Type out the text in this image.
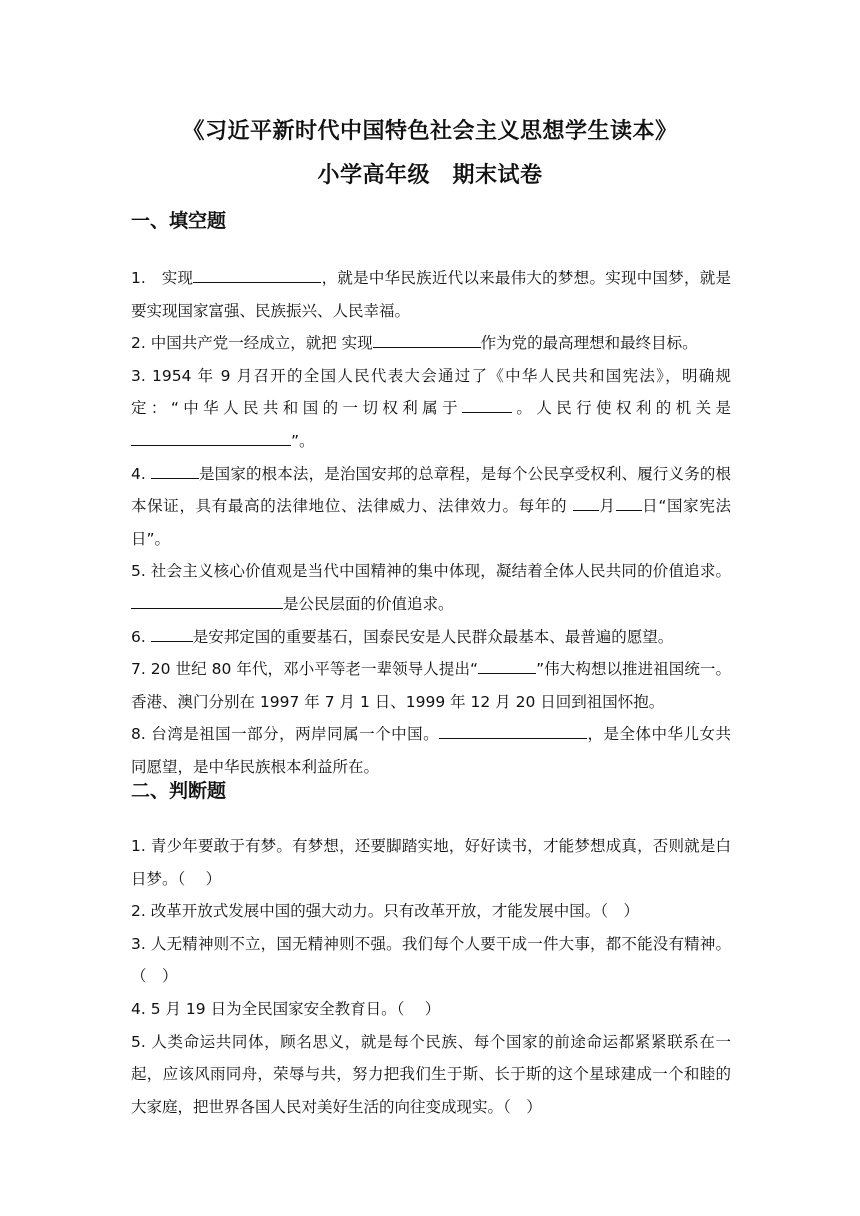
《习近平新时代中国特色社会主义思想学生读本》
小学高年级　期末试卷
一、填空题

1.　实现	，就是中华民族近代以来最伟大的梦想。实现中国梦，就是要实现国家富强、民族振兴、人民幸福。

2. 中国共产党一经成立，就把 实现	作为党的最高理想和最终目标。

3. 1954 年 9 月召开的全国人民代表大会通过了《中华人民共和国宪法》，明确规定：“中华人民共和国的一切权利属于	。人民行使权利的机关是”。

4.	是国家的根本法，是治国安邦的总章程，是每个公民享受权利、履行义务的根本保证，具有最高的法律地位、法律威力、法律效力。每年的 月 日“国家宪法日”。

5. 社会主义核心价值观是当代中国精神的集中体现，凝结着全体人民共同的价值追求。是公民层面的价值追求。

6.	是安邦定国的重要基石，国泰民安是人民群众最基本、最普遍的愿望。

7. 20 世纪 80 年代，邓小平等老一辈领导人提出“	”伟大构想以推进祖国统一。香港、澳门分别在 1997 年 7 月 1 日、1999 年 12 月 20 日回到祖国怀抱。

8. 台湾是祖国一部分，两岸同属一个中国。	，是全体中华儿女共同愿望，是中华民族根本利益所在。

二、判断题

1. 青少年要敢于有梦。有梦想，还要脚踏实地，好好读书，才能梦想成真，否则就是白日梦。（　 ）

2. 改革开放式发展中国的强大动力。只有改革开放，才能发展中国。（　）

3. 人无精神则不立，国无精神则不强。我们每个人要干成一件大事，都不能没有精神。（　）

4. 5 月 19 日为全民国家安全教育日。（　 ）

5. 人类命运共同体，顾名思义，就是每个民族、每个国家的前途命运都紧紧联系在一起，应该风雨同舟，荣辱与共，努力把我们生于斯、长于斯的这个星球建成一个和睦的大家庭，把世界各国人民对美好生活的向往变成现实。（　）
